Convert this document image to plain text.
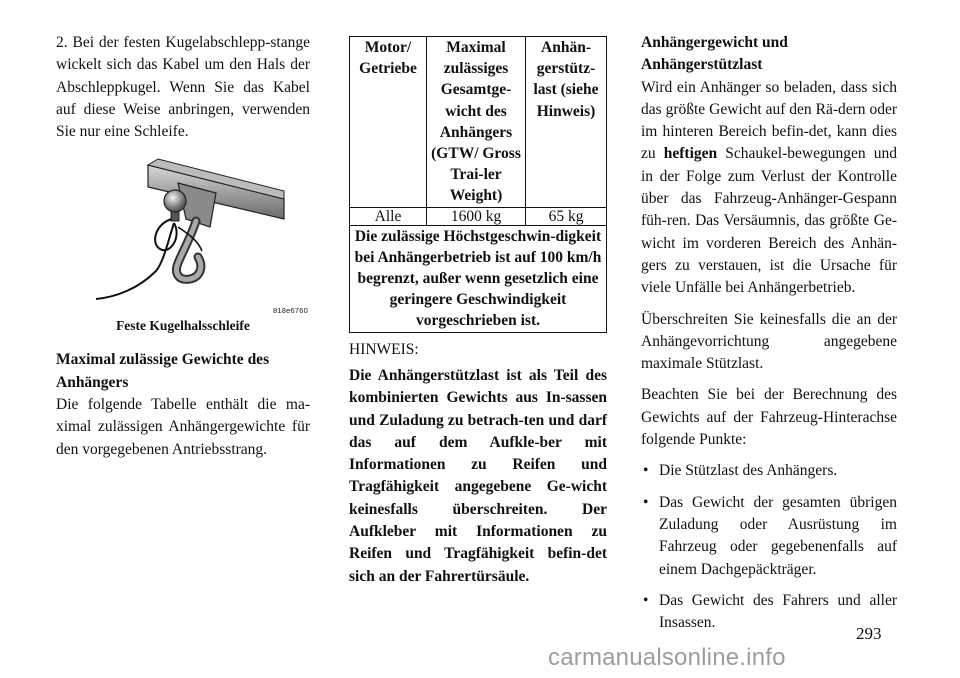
2. Bei der festen Kugelabschlepp-stange wickelt sich das Kabel um den Hals der Abschleppkugel. Wenn Sie das Kabel auf diese Weise anbringen, verwenden Sie nur eine Schleife.

818e6760
Feste Kugelhalsschleife

Maximal zulässige Gewichte des Anhängers

Die folgende Tabelle enthält die ma-ximal zulässigen Anhängergewichte für den vorgegebenen Antriebsstrang.

Motor/ Getriebe	Maximal zulässiges Gesamtge-wicht des Anhängers (GTW/ Gross Trai-ler Weight)	Anhän-gerstütz-last (siehe Hinweis)
Alle	1600 kg	65 kg
Die zulässige Höchstgeschwin-digkeit bei Anhängerbetrieb ist auf 100 km/h begrenzt, außer wenn gesetzlich eine geringere Geschwindigkeit vorgeschrieben ist.		

HINWEIS:

Die Anhängerstützlast ist als Teil des kombinierten Gewichts aus In-sassen und Zuladung zu betrach-ten und darf das auf dem Aufkle-ber mit Informationen zu Reifen und Tragfähigkeit angegebene Ge-wicht keinesfalls überschreiten. Der Aufkleber mit Informationen zu Reifen und Tragfähigkeit befin-det sich an der Fahrertürsäule.

Anhängergewicht und Anhängerstützlast

Wird ein Anhänger so beladen, dass sich das größte Gewicht auf den Rä-dern oder im hinteren Bereich befin-det, kann dies zu heftigen Schaukel-bewegungen und in der Folge zum Verlust der Kontrolle über das Fahrzeug-Anhänger-Gespann füh-ren. Das Versäumnis, das größte Ge-wicht im vorderen Bereich des Anhän-gers zu verstauen, ist die Ursache für viele Unfälle bei Anhängerbetrieb.

Überschreiten Sie keinesfalls die an der Anhängevorrichtung angegebene maximale Stützlast.

Beachten Sie bei der Berechnung des Gewichts auf der Fahrzeug-Hinterachse folgende Punkte:

• Die Stützlast des Anhängers.
• Das Gewicht der gesamten übrigen Zuladung oder Ausrüstung im Fahrzeug oder gegebenenfalls auf einem Dachgepäckträger.
• Das Gewicht des Fahrers und aller Insassen.
293
carmanualsonline.info
